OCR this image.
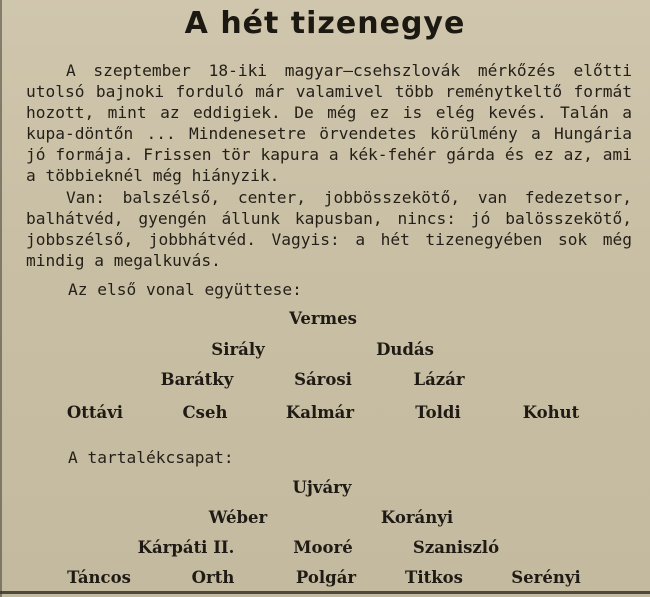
A hét tizenegye

A szeptember 18-iki magyar—csehszlovák mérkőzés előtti utolsó bajnoki forduló már valamivel több reménytkeltő formát hozott, mint az eddigiek. De még ez is elég kevés. Talán a kupa-döntőn ... Mindenesetre örvendetes körülmény a Hungária jó formája. Frissen tör kapura a kék-fehér gárda és ez az, ami a többieknél még hiányzik.

Van: balszélső, center, jobbösszekötő, van fedezetsor, balhátvéd, gyengén állunk kapusban, nincs: jó balösszekötő, jobbszélső, jobbhátvéd. Vagyis: a hét tizenegyében sok még mindig a megalkuvás.

Az első vonal együttese:
Vermes
Sirály	Dudás
Barátky	Sárosi	Lázár
Ottávi	Cseh	Kalmár	Toldi	Kohut
A tartalékcsapat:
Ujváry
Wéber	Korányi
Kárpáti II.	Mooré	Szaniszló
Táncos	Orth	Polgár	Titkos	Serényi
